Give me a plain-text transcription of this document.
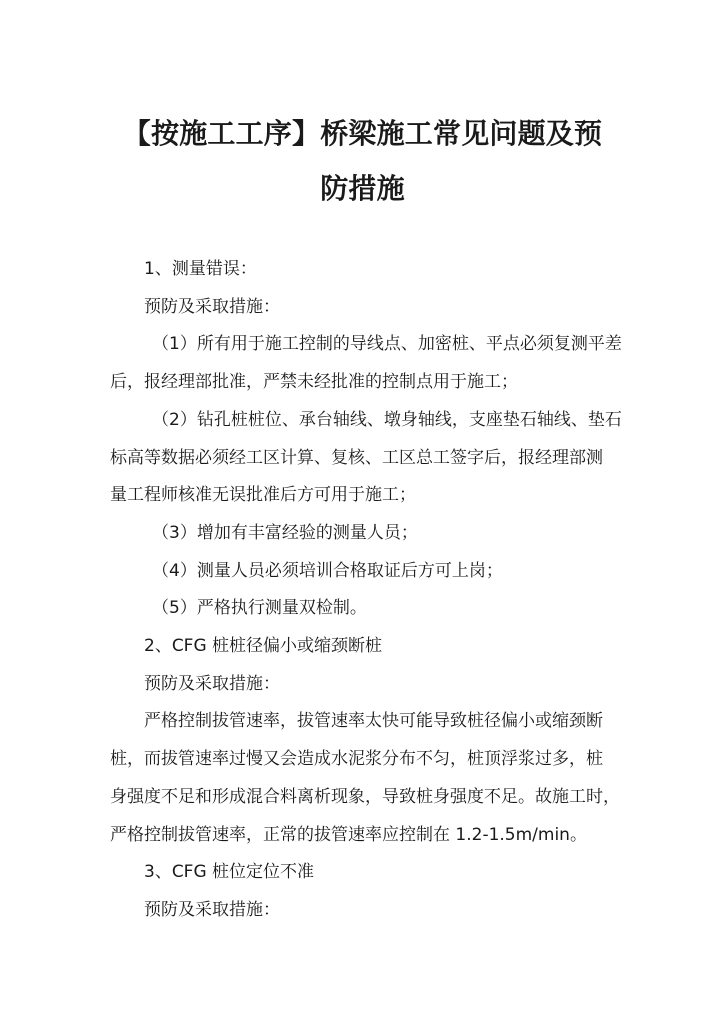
【按施工工序】桥梁施工常见问题及预
防措施

1、测量错误：

预防及采取措施：

（1）所有用于施工控制的导线点、加密桩、平点必须复测平差

后，报经理部批准，严禁未经批准的控制点用于施工；

（2）钻孔桩桩位、承台轴线、墩身轴线，支座垫石轴线、垫石

标高等数据必须经工区计算、复核、工区总工签字后，报经理部测

量工程师核准无误批准后方可用于施工；

（3）增加有丰富经验的测量人员；

（4）测量人员必须培训合格取证后方可上岗；

（5）严格执行测量双检制。

2、CFG 桩桩径偏小或缩颈断桩

预防及采取措施：

严格控制拔管速率，拔管速率太快可能导致桩径偏小或缩颈断

桩，而拔管速率过慢又会造成水泥浆分布不匀，桩顶浮浆过多，桩

身强度不足和形成混合料离析现象，导致桩身强度不足。故施工时，

严格控制拔管速率，正常的拔管速率应控制在 1.2-1.5m/min。

3、CFG 桩位定位不准

预防及采取措施：
